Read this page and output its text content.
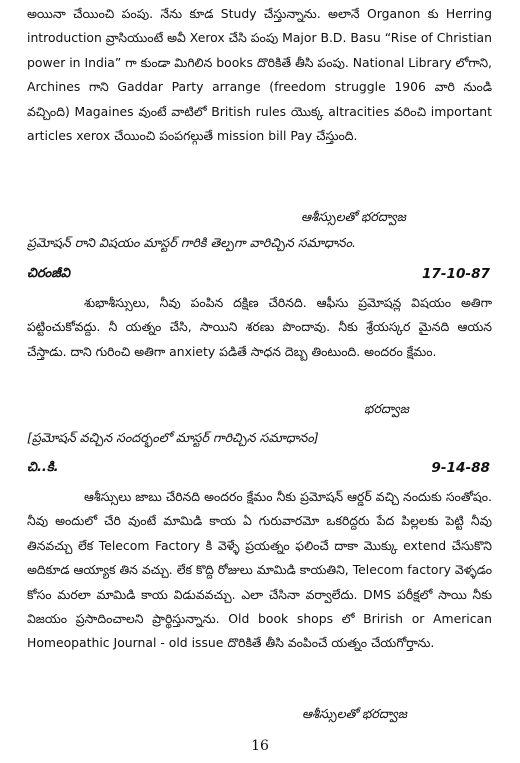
అయినా చేయించి పంపు. నేను కూడ Study చేస్తున్నాను. అలానే Organon కు Herring introduction వ్రాసియుంటే అవీ Xerox చేసి పంపు Major B.D. Basu “Rise of Christian power in India” గా కుండా మిగిలిన books దొరికితే తీసి పంపు. National Library లోగాని, Archines గాని Gaddar Party arrange (freedom struggle 1906 వారి నుండి వచ్చింది) Magaines వుంటే వాటిలో British rules యొక్క altracities వరించి important articles xerox చేయించి పంపగల్గుతే mission bill Pay చేస్తుంది.

ఆశీస్సులతో భరద్వాజ
ప్రమోషన్ రాని విషయం మాస్టర్ గారికి తెల్పగా వారిచ్చిన సమాధానం.
చిరంజీవి	17-10-87

శుభాశీస్సులు, నీవు పంపిన దక్షిణ చేరినది. ఆఫీసు ప్రమోషన్ల విషయం అతిగా పట్టించుకోవద్దు. నీ యత్నం చేసి, సాయిని శరణు పొందావు. నీకు శ్రేయస్కర మైనది ఆయన చేస్తాడు. దాని గురించి అతిగా anxiety పడితే సాధన దెబ్బ తింటుంది. అందరం క్షేమం.

భరద్వాజ
[ప్రమోషన్ వచ్చిన సందర్భంలో మాస్టర్ గారిచ్చిన సమాధానం]
చి..కి.	9-14-88

ఆశీస్సులు జాబు చేరినది అందరం క్షేమం నీకు ప్రమోషన్ ఆర్డర్ వచ్చి నందుకు సంతోషం. నీవు అందులో చేరి వుంటే మామిడి కాయ ఏ గురువారమో ఒకరిద్దరు పేద పిల్లలకు పెట్టి నీవు తినవచ్చు లేక Telecom Factory కి వెళ్ళే ప్రయత్నం ఫలించే దాకా మొక్కు extend చేసుకొని అదికూడ ఆయ్యాక తిన వచ్చు. లేక కొద్ది రోజులు మామిడి కాయతిని, Telecom factory వెళ్ళడం కోసం మరలా మామిడి కాయ విడువవచ్చు. ఎలా చేసినా వర్వాలేదు. DMS పరీక్షలో సాయి నీకు విజయం ప్రసాదించాలని ప్రార్థిస్తున్నాను. Old book shops లో Brirish or American Homeopathic Journal - old issue దొరికితే తీసి వంపించే యత్నం చేయగోర్తాను.

ఆశీస్సులతో భరద్వాజ
16
